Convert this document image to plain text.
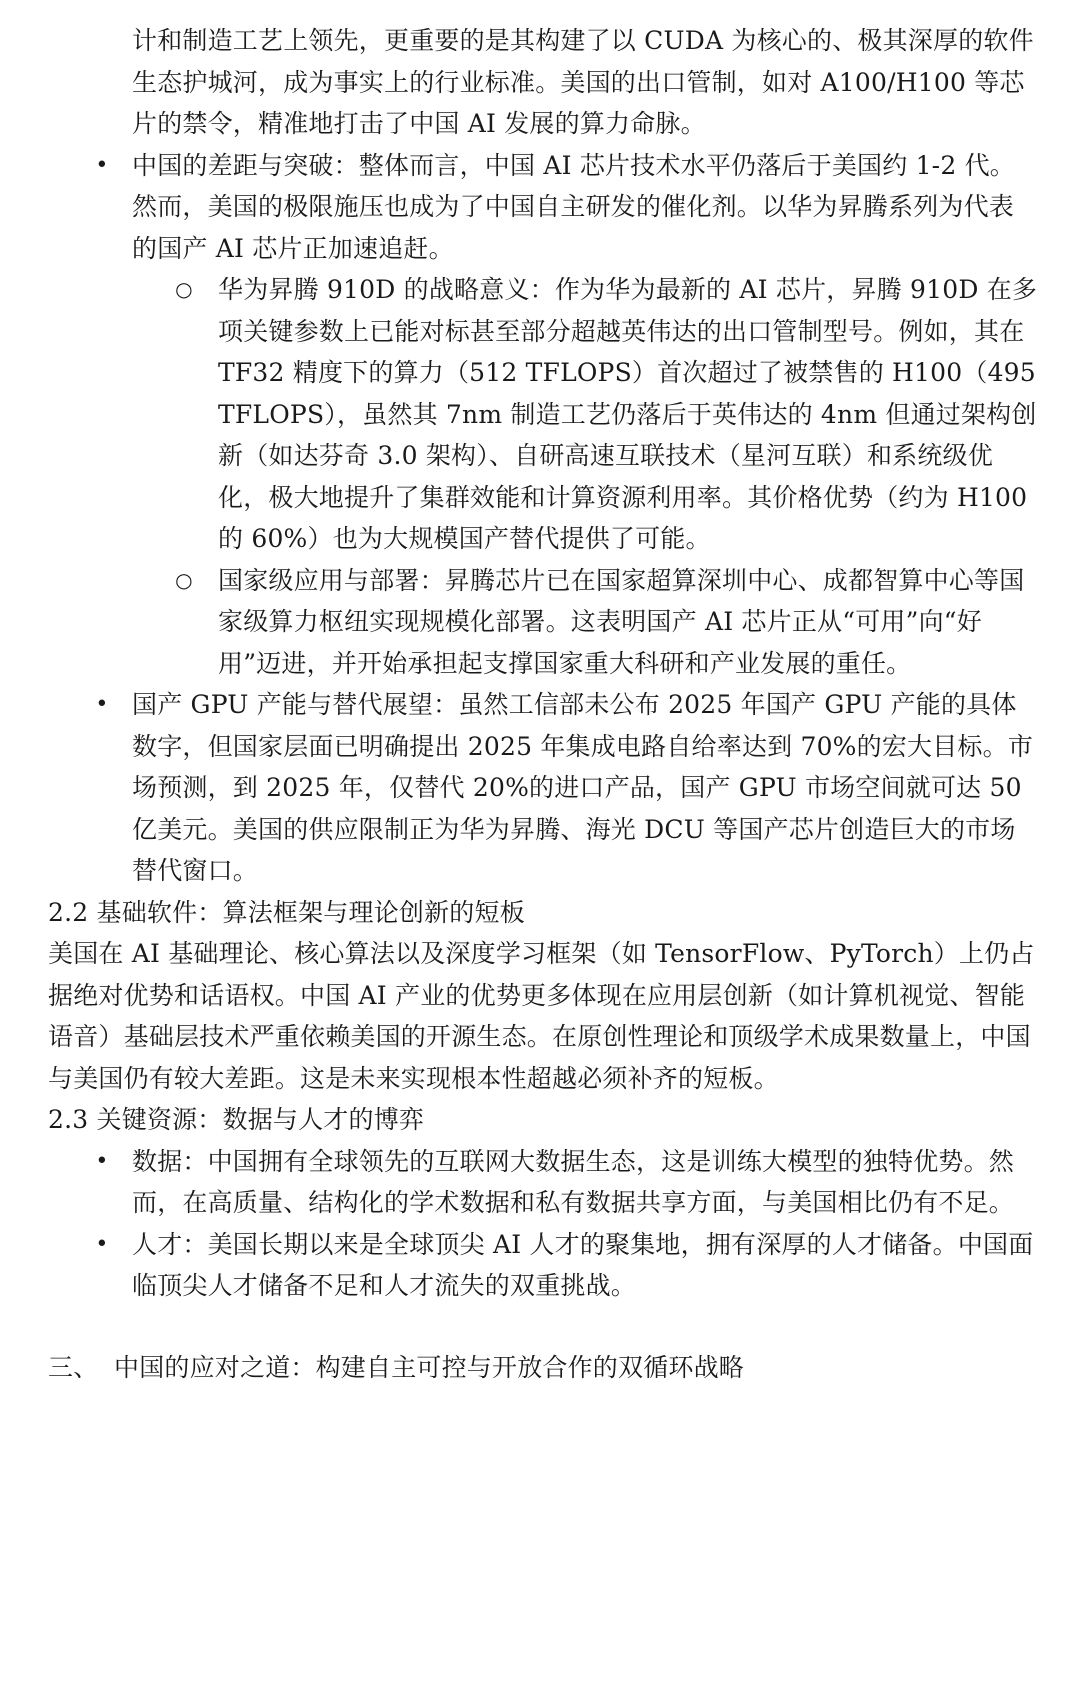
计和制造工艺上领先，更重要的是其构建了以 CUDA 为核心的、极其深厚的软件生态护城河，成为事实上的行业标准。美国的出口管制，如对 A100/H100 等芯片的禁令，精准地打击了中国 AI 发展的算力命脉。

• 中国的差距与突破：整体而言，中国 AI 芯片技术水平仍落后于美国约 1-2 代。然而，美国的极限施压也成为了中国自主研发的催化剂。以华为昇腾系列为代表的国产 AI 芯片正加速追赶。
○ 华为昇腾 910D 的战略意义：作为华为最新的 AI 芯片，昇腾 910D 在多项关键参数上已能对标甚至部分超越英伟达的出口管制型号。例如，其在 TF32 精度下的算力（512 TFLOPS）首次超过了被禁售的 H100（495 TFLOPS），虽然其 7nm 制造工艺仍落后于英伟达的 4nm 但通过架构创新（如达芬奇 3.0 架构）、自研高速互联技术（星河互联）和系统级优化，极大地提升了集群效能和计算资源利用率。其价格优势（约为 H100 的 60%）也为大规模国产替代提供了可能。
○ 国家级应用与部署：昇腾芯片已在国家超算深圳中心、成都智算中心等国家级算力枢纽实现规模化部署。这表明国产 AI 芯片正从“可用”向“好用”迈进，并开始承担起支撑国家重大科研和产业发展的重任。
• 国产 GPU 产能与替代展望：虽然工信部未公布 2025 年国产 GPU 产能的具体数字，但国家层面已明确提出 2025 年集成电路自给率达到 70%的宏大目标。市场预测，到 2025 年，仅替代 20%的进口产品，国产 GPU 市场空间就可达 50 亿美元。美国的供应限制正为华为昇腾、海光 DCU 等国产芯片创造巨大的市场替代窗口。

2.2 基础软件：算法框架与理论创新的短板

美国在 AI 基础理论、核心算法以及深度学习框架（如 TensorFlow、PyTorch）上仍占据绝对优势和话语权。中国 AI 产业的优势更多体现在应用层创新（如计算机视觉、智能语音）基础层技术严重依赖美国的开源生态。在原创性理论和顶级学术成果数量上，中国与美国仍有较大差距。这是未来实现根本性超越必须补齐的短板。

2.3 关键资源：数据与人才的博弈

• 数据：中国拥有全球领先的互联网大数据生态，这是训练大模型的独特优势。然而，在高质量、结构化的学术数据和私有数据共享方面，与美国相比仍有不足。
• 人才：美国长期以来是全球顶尖 AI 人才的聚集地，拥有深厚的人才储备。中国面临顶尖人才储备不足和人才流失的双重挑战。

三、 中国的应对之道：构建自主可控与开放合作的双循环战略
